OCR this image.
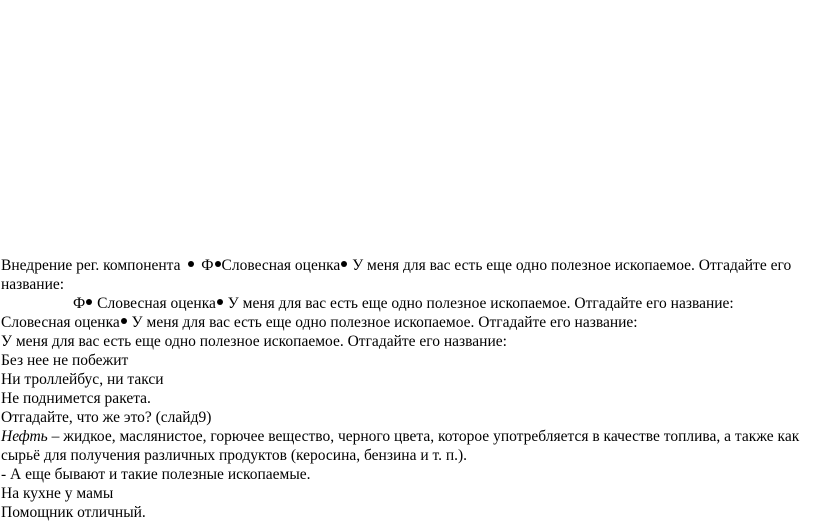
Внедрение рег. компонента Ф Словесная оценка У меня для вас есть еще одно полезное ископаемое. Отгадайте его
название:
Ф Словесная оценка У меня для вас есть еще одно полезное ископаемое. Отгадайте его название:
Словесная оценка У меня для вас есть еще одно полезное ископаемое. Отгадайте его название:
У меня для вас есть еще одно полезное ископаемое. Отгадайте его название:
Без нее не побежит
Ни троллейбус, ни такси
Не поднимется ракета.
Отгадайте, что же это? (слайд9)
Нефть – жидкое, маслянистое, горючее вещество, черного цвета, которое употребляется в качестве топлива, а также как
сырьё для получения различных продуктов (керосина, бензина и т. п.).
- А еще бывают и такие полезные ископаемые.
На кухне у мамы
Помощник отличный.
